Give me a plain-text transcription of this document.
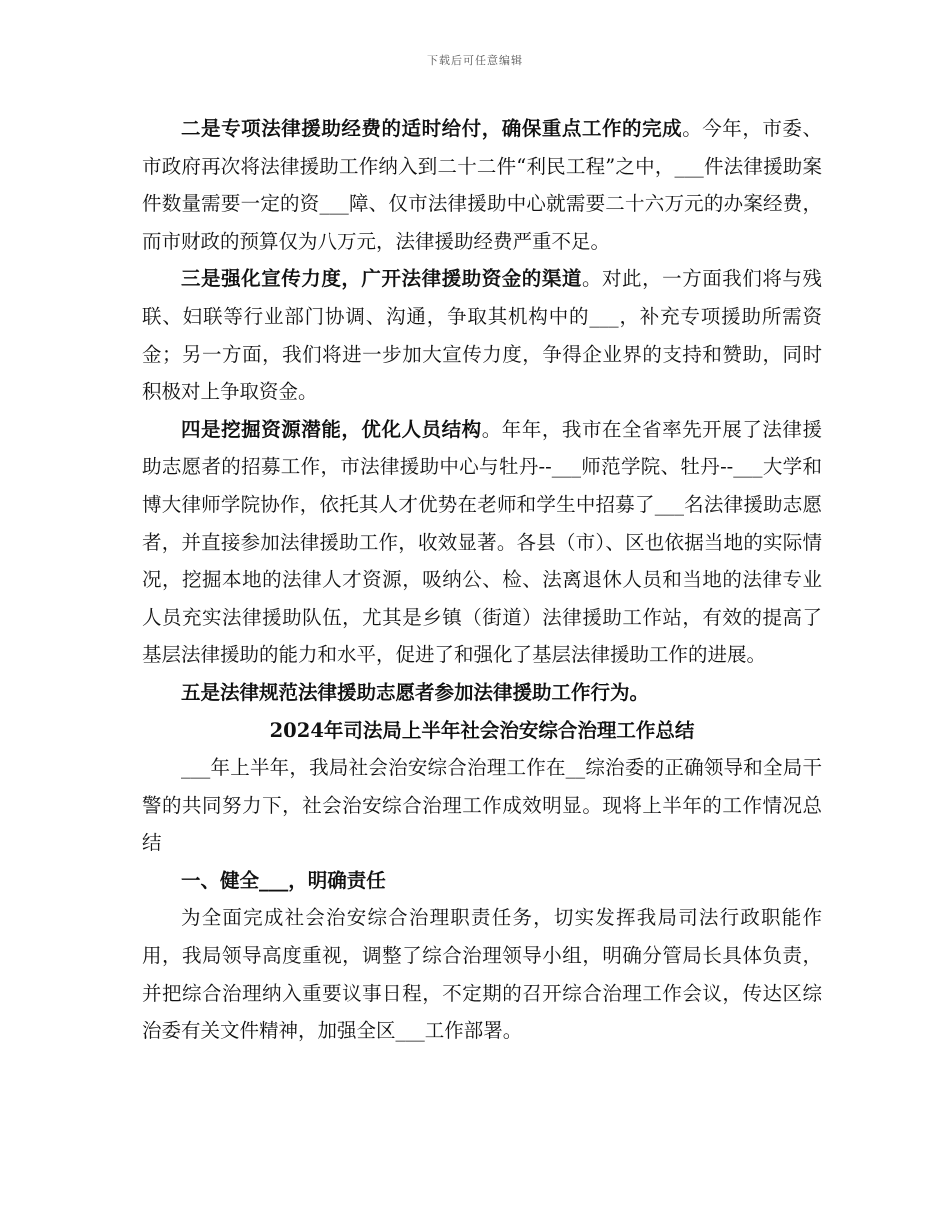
下载后可任意编辑

二是专项法律援助经费的适时给付，确保重点工作的完成。今年，市委、市政府再次将法律援助工作纳入到二十二件“利民工程”之中，___件法律援助案件数量需要一定的资___障、仅市法律援助中心就需要二十六万元的办案经费，而市财政的预算仅为八万元，法律援助经费严重不足。

三是强化宣传力度，广开法律援助资金的渠道。对此，一方面我们将与残联、妇联等行业部门协调、沟通，争取其机构中的___，补充专项援助所需资金；另一方面，我们将进一步加大宣传力度，争得企业界的支持和赞助，同时积极对上争取资金。

四是挖掘资源潜能，优化人员结构。年年，我市在全省率先开展了法律援助志愿者的招募工作，市法律援助中心与牡丹--___师范学院、牡丹--___大学和博大律师学院协作，依托其人才优势在老师和学生中招募了___名法律援助志愿者，并直接参加法律援助工作，收效显著。各县（市）、区也依据当地的实际情况，挖掘本地的法律人才资源，吸纳公、检、法离退休人员和当地的法律专业人员充实法律援助队伍，尤其是乡镇（街道）法律援助工作站，有效的提高了基层法律援助的能力和水平，促进了和强化了基层法律援助工作的进展。

五是法律规范法律援助志愿者参加法律援助工作行为。

2024年司法局上半年社会治安综合治理工作总结

___年上半年，我局社会治安综合治理工作在__综治委的正确领导和全局干警的共同努力下，社会治安综合治理工作成效明显。现将上半年的工作情况总结

一、健全___，明确责任

为全面完成社会治安综合治理职责任务，切实发挥我局司法行政职能作用，我局领导高度重视，调整了综合治理领导小组，明确分管局长具体负责，并把综合治理纳入重要议事日程，不定期的召开综合治理工作会议，传达区综治委有关文件精神，加强全区___工作部署。
